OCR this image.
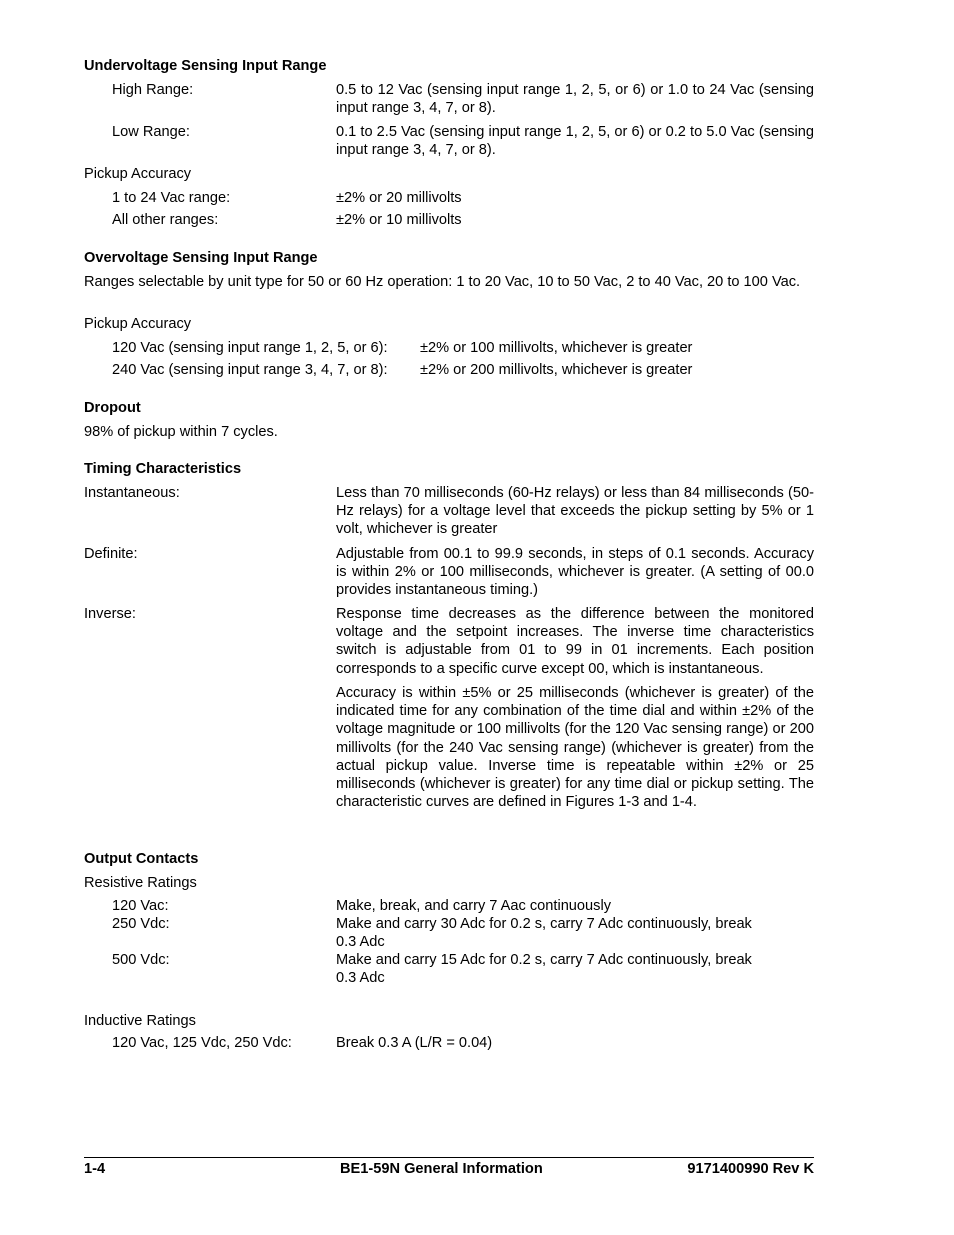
Undervoltage Sensing Input Range
High Range:	0.5 to 12 Vac (sensing input range 1, 2, 5, or 6) or 1.0 to 24 Vac (sensing input range 3, 4, 7, or 8).
Low Range:	0.1 to 2.5 Vac (sensing input range 1, 2, 5, or 6) or 0.2 to 5.0 Vac (sensing input range 3, 4, 7, or 8).
Pickup Accuracy
1 to 24 Vac range:	±2% or 20 millivolts
All other ranges:	±2% or 10 millivolts
Overvoltage Sensing Input Range
Ranges selectable by unit type for 50 or 60 Hz operation: 1 to 20 Vac, 10 to 50 Vac, 2 to 40 Vac, 20 to 100 Vac.
Pickup Accuracy
120 Vac (sensing input range 1, 2, 5, or 6): ±2% or 100 millivolts, whichever is greater
240 Vac (sensing input range 3, 4, 7, or 8): ±2% or 200 millivolts, whichever is greater
Dropout
98% of pickup within 7 cycles.
Timing Characteristics
Instantaneous:	Less than 70 milliseconds (60-Hz relays) or less than 84 milliseconds (50-Hz relays) for a voltage level that exceeds the pickup setting by 5% or 1 volt, whichever is greater
Definite:	Adjustable from 00.1 to 99.9 seconds, in steps of 0.1 seconds. Accuracy is within 2% or 100 milliseconds, whichever is greater. (A setting of 00.0 provides instantaneous timing.)
Inverse:	Response time decreases as the difference between the monitored voltage and the setpoint increases. The inverse time characteristics switch is adjustable from 01 to 99 in 01 increments. Each position corresponds to a specific curve except 00, which is instantaneous.
Accuracy is within ±5% or 25 milliseconds (whichever is greater) of the indicated time for any combination of the time dial and within ±2% of the voltage magnitude or 100 millivolts (for the 120 Vac sensing range) or 200 millivolts (for the 240 Vac sensing range) (whichever is greater) from the actual pickup value. Inverse time is repeatable within ±2% or 25 milliseconds (whichever is greater) for any time dial or pickup setting. The characteristic curves are defined in Figures 1-3 and 1-4.
Output Contacts
Resistive Ratings
120 Vac:	Make, break, and carry 7 Aac continuously
250 Vdc:	Make and carry 30 Adc for 0.2 s, carry 7 Adc continuously, break 0.3 Adc
500 Vdc:	Make and carry 15 Adc for 0.2 s, carry 7 Adc continuously, break 0.3 Adc
Inductive Ratings
120 Vac, 125 Vdc, 250 Vdc:	Break 0.3 A (L/R = 0.04)
1-4	BE1-59N General Information	9171400990 Rev K
